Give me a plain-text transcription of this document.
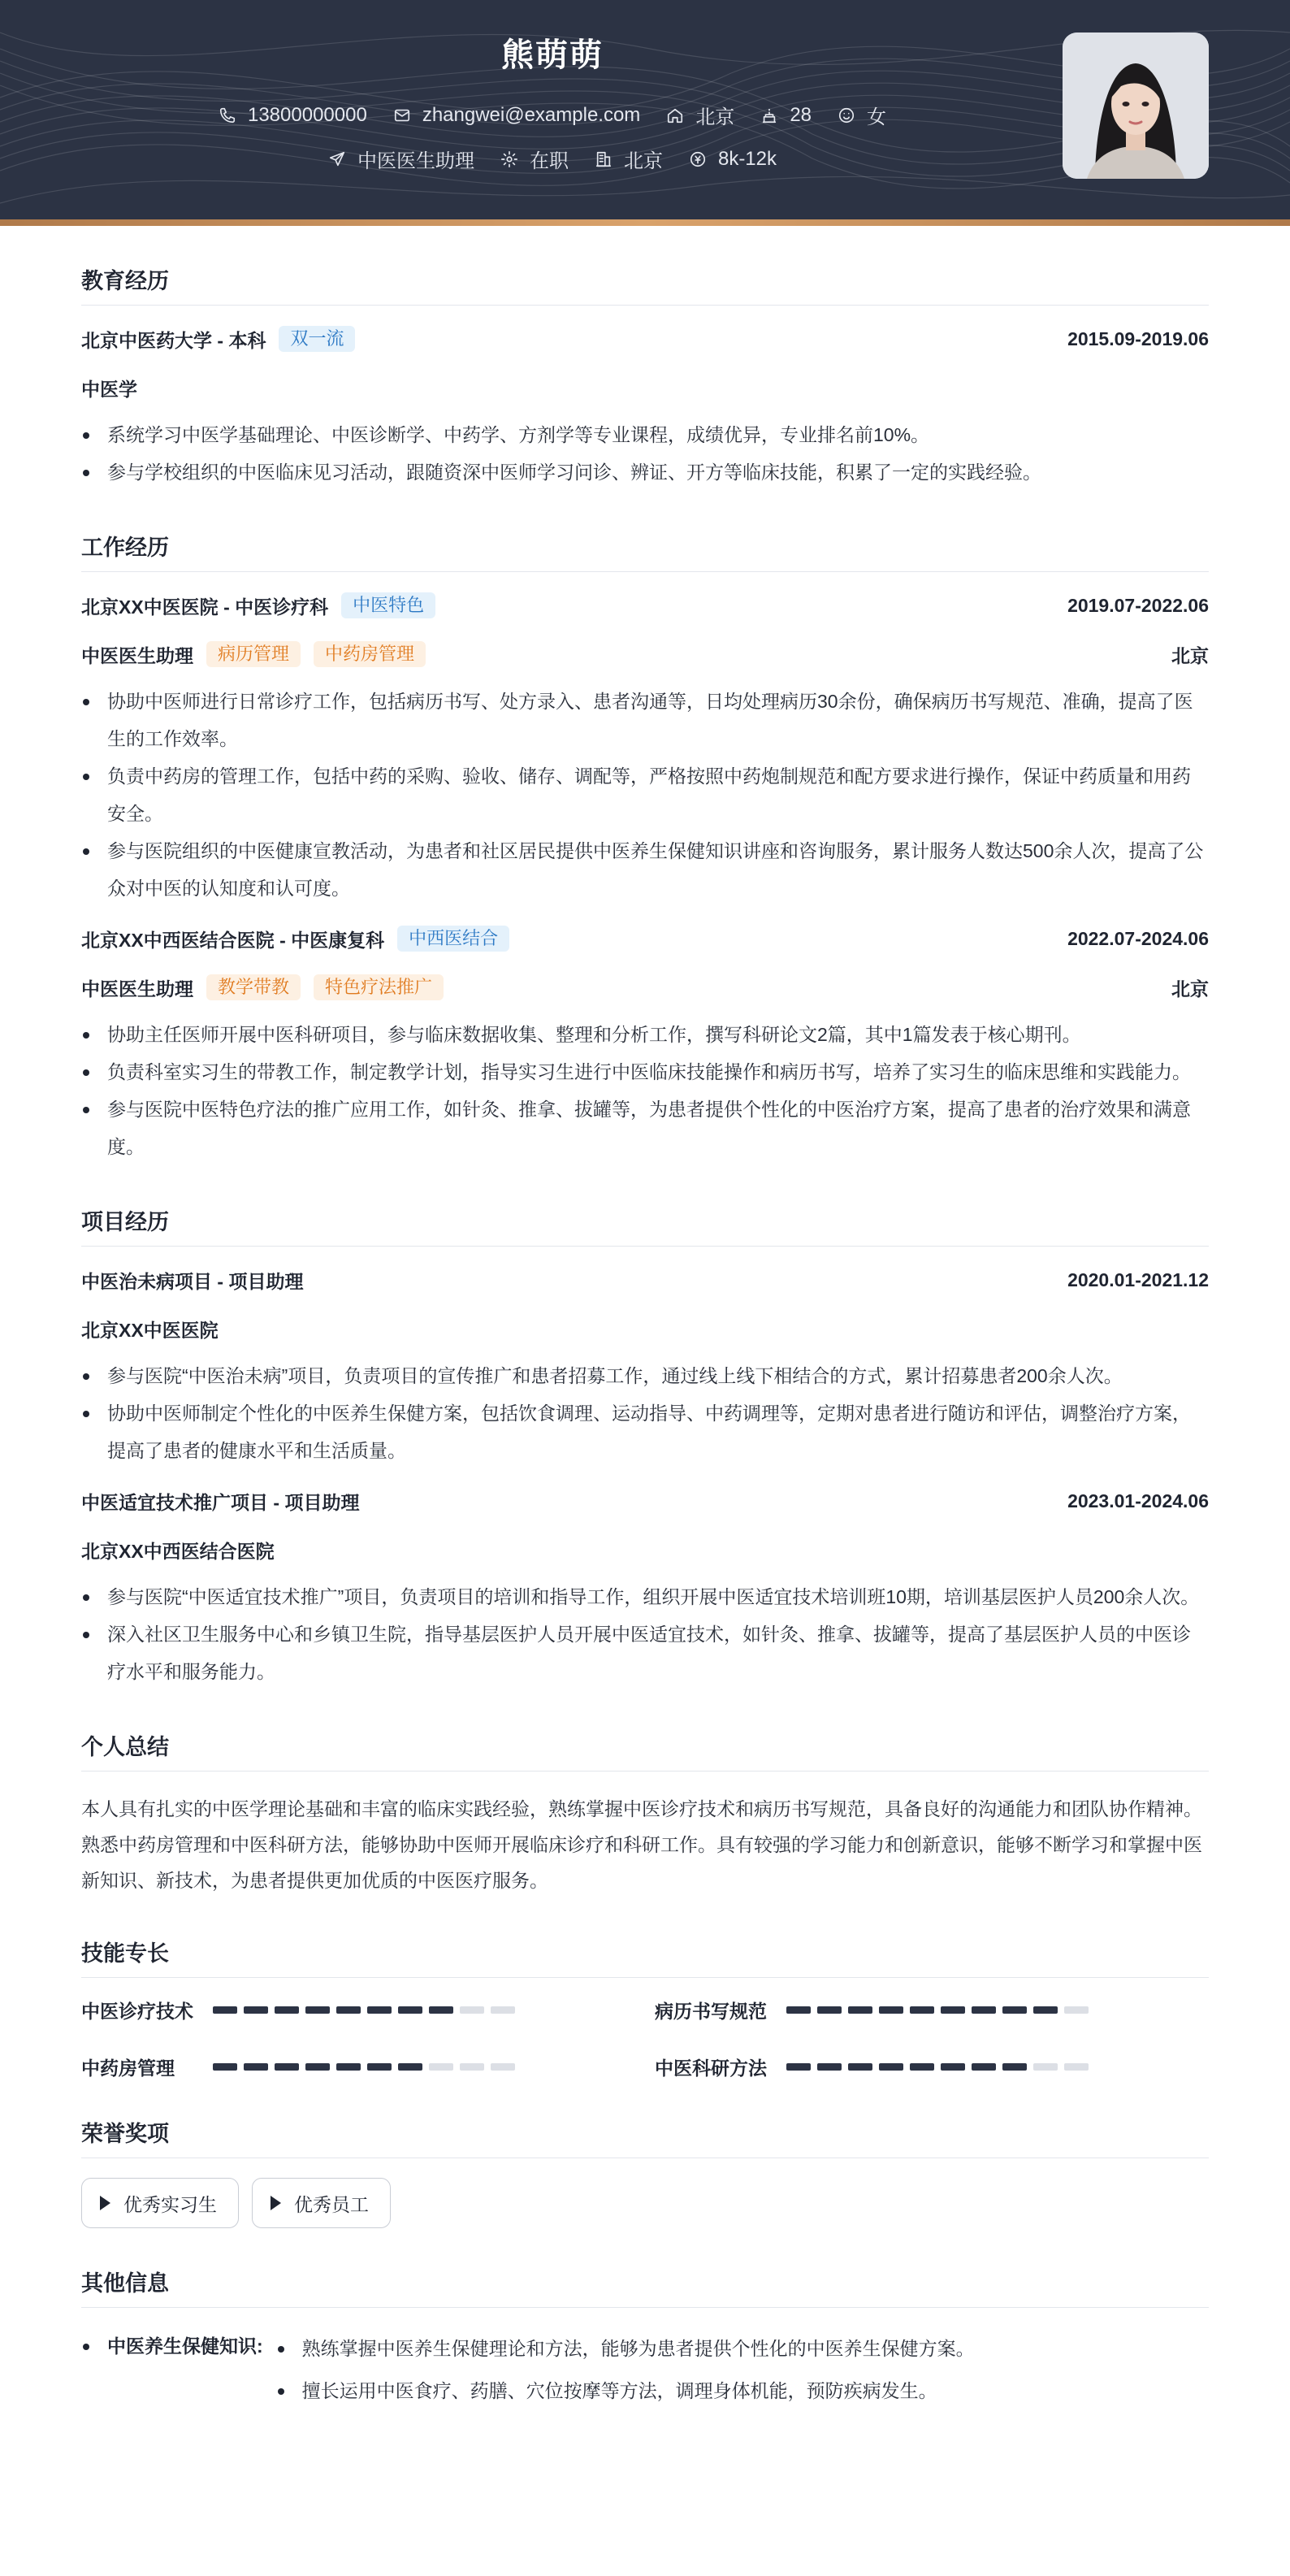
熊萌萌
13800000000	zhangwei@example.com	北京	28	女
中医医生助理	在职	北京	8k-12k
教育经历
北京中医药大学 - 本科	双一流	2015.09-2019.06
中医学
系统学习中医学基础理论、中医诊断学、中药学、方剂学等专业课程，成绩优异，专业排名前10%。
参与学校组织的中医临床见习活动，跟随资深中医师学习问诊、辨证、开方等临床技能，积累了一定的实践经验。
工作经历
北京XX中医医院 - 中医诊疗科	中医特色	2019.07-2022.06
中医医生助理	病历管理	中药房管理	北京
协助中医师进行日常诊疗工作，包括病历书写、处方录入、患者沟通等，日均处理病历30余份，确保病历书写规范、准确，提高了医生的工作效率。
负责中药房的管理工作，包括中药的采购、验收、储存、调配等，严格按照中药炮制规范和配方要求进行操作，保证中药质量和用药安全。
参与医院组织的中医健康宣教活动，为患者和社区居民提供中医养生保健知识讲座和咨询服务，累计服务人数达500余人次，提高了公众对中医的认知度和认可度。
北京XX中西医结合医院 - 中医康复科	中西医结合	2022.07-2024.06
中医医生助理	教学带教	特色疗法推广	北京
协助主任医师开展中医科研项目，参与临床数据收集、整理和分析工作，撰写科研论文2篇，其中1篇发表于核心期刊。
负责科室实习生的带教工作，制定教学计划，指导实习生进行中医临床技能操作和病历书写，培养了实习生的临床思维和实践能力。
参与医院中医特色疗法的推广应用工作，如针灸、推拿、拔罐等，为患者提供个性化的中医治疗方案，提高了患者的治疗效果和满意度。
项目经历
中医治未病项目 - 项目助理	2020.01-2021.12
北京XX中医医院
参与医院“中医治未病”项目，负责项目的宣传推广和患者招募工作，通过线上线下相结合的方式，累计招募患者200余人次。
协助中医师制定个性化的中医养生保健方案，包括饮食调理、运动指导、中药调理等，定期对患者进行随访和评估，调整治疗方案，提高了患者的健康水平和生活质量。
中医适宜技术推广项目 - 项目助理	2023.01-2024.06
北京XX中西医结合医院
参与医院“中医适宜技术推广”项目，负责项目的培训和指导工作，组织开展中医适宜技术培训班10期，培训基层医护人员200余人次。
深入社区卫生服务中心和乡镇卫生院，指导基层医护人员开展中医适宜技术，如针灸、推拿、拔罐等，提高了基层医护人员的中医诊疗水平和服务能力。
个人总结
本人具有扎实的中医学理论基础和丰富的临床实践经验，熟练掌握中医诊疗技术和病历书写规范，具备良好的沟通能力和团队协作精神。熟悉中药房管理和中医科研方法，能够协助中医师开展临床诊疗和科研工作。具有较强的学习能力和创新意识，能够不断学习和掌握中医新知识、新技术，为患者提供更加优质的中医医疗服务。
技能专长
中医诊疗技术	病历书写规范
中药房管理	中医科研方法
荣誉奖项
优秀实习生	优秀员工
其他信息
中医养生保健知识:	熟练掌握中医养生保健理论和方法，能够为患者提供个性化的中医养生保健方案。
擅长运用中医食疗、药膳、穴位按摩等方法，调理身体机能，预防疾病发生。
